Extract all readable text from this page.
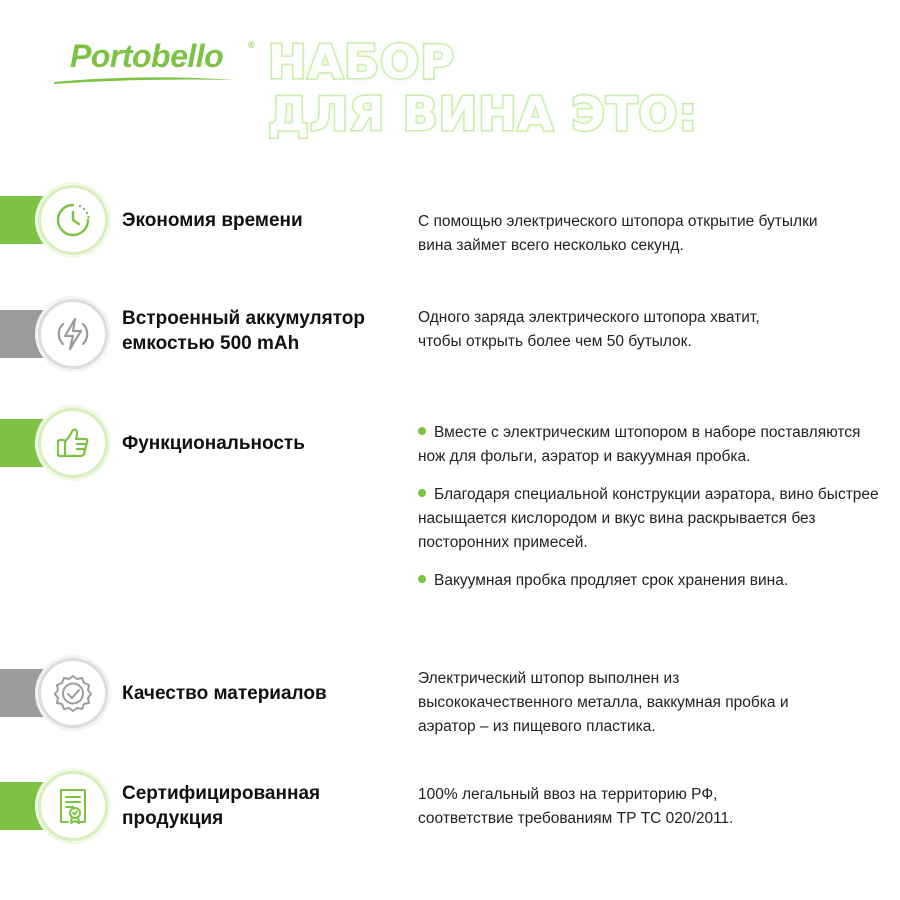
Portobello	® НАБОР
ДЛЯ ВИНА ЭТО:
Экономия времени	С помощью электрического штопора открытие бутылки вина займет всего несколько секунд.
Встроенный аккумулятор емкостью 500 mAh
Одного заряда электрического штопора хватит, чтобы открыть более чем 50 бутылок.
Функциональность
Вместе с электрическим штопором в наборе поставляются нож для фольги, аэратор и вакуумная пробка.
Благодаря специальной конструкции аэратора, вино быстрее насыщается кислородом и вкус вина раскрывается без посторонних примесей.
Вакуумная пробка продляет срок хранения вина.
Качество материалов
Электрический штопор выполнен из высококачественного металла, ваккумная пробка и аэратор – из пищевого пластика.
Сертифицированная продукция
100% легальный ввоз на территорию РФ, соответствие требованиям ТР ТС 020/2011.
